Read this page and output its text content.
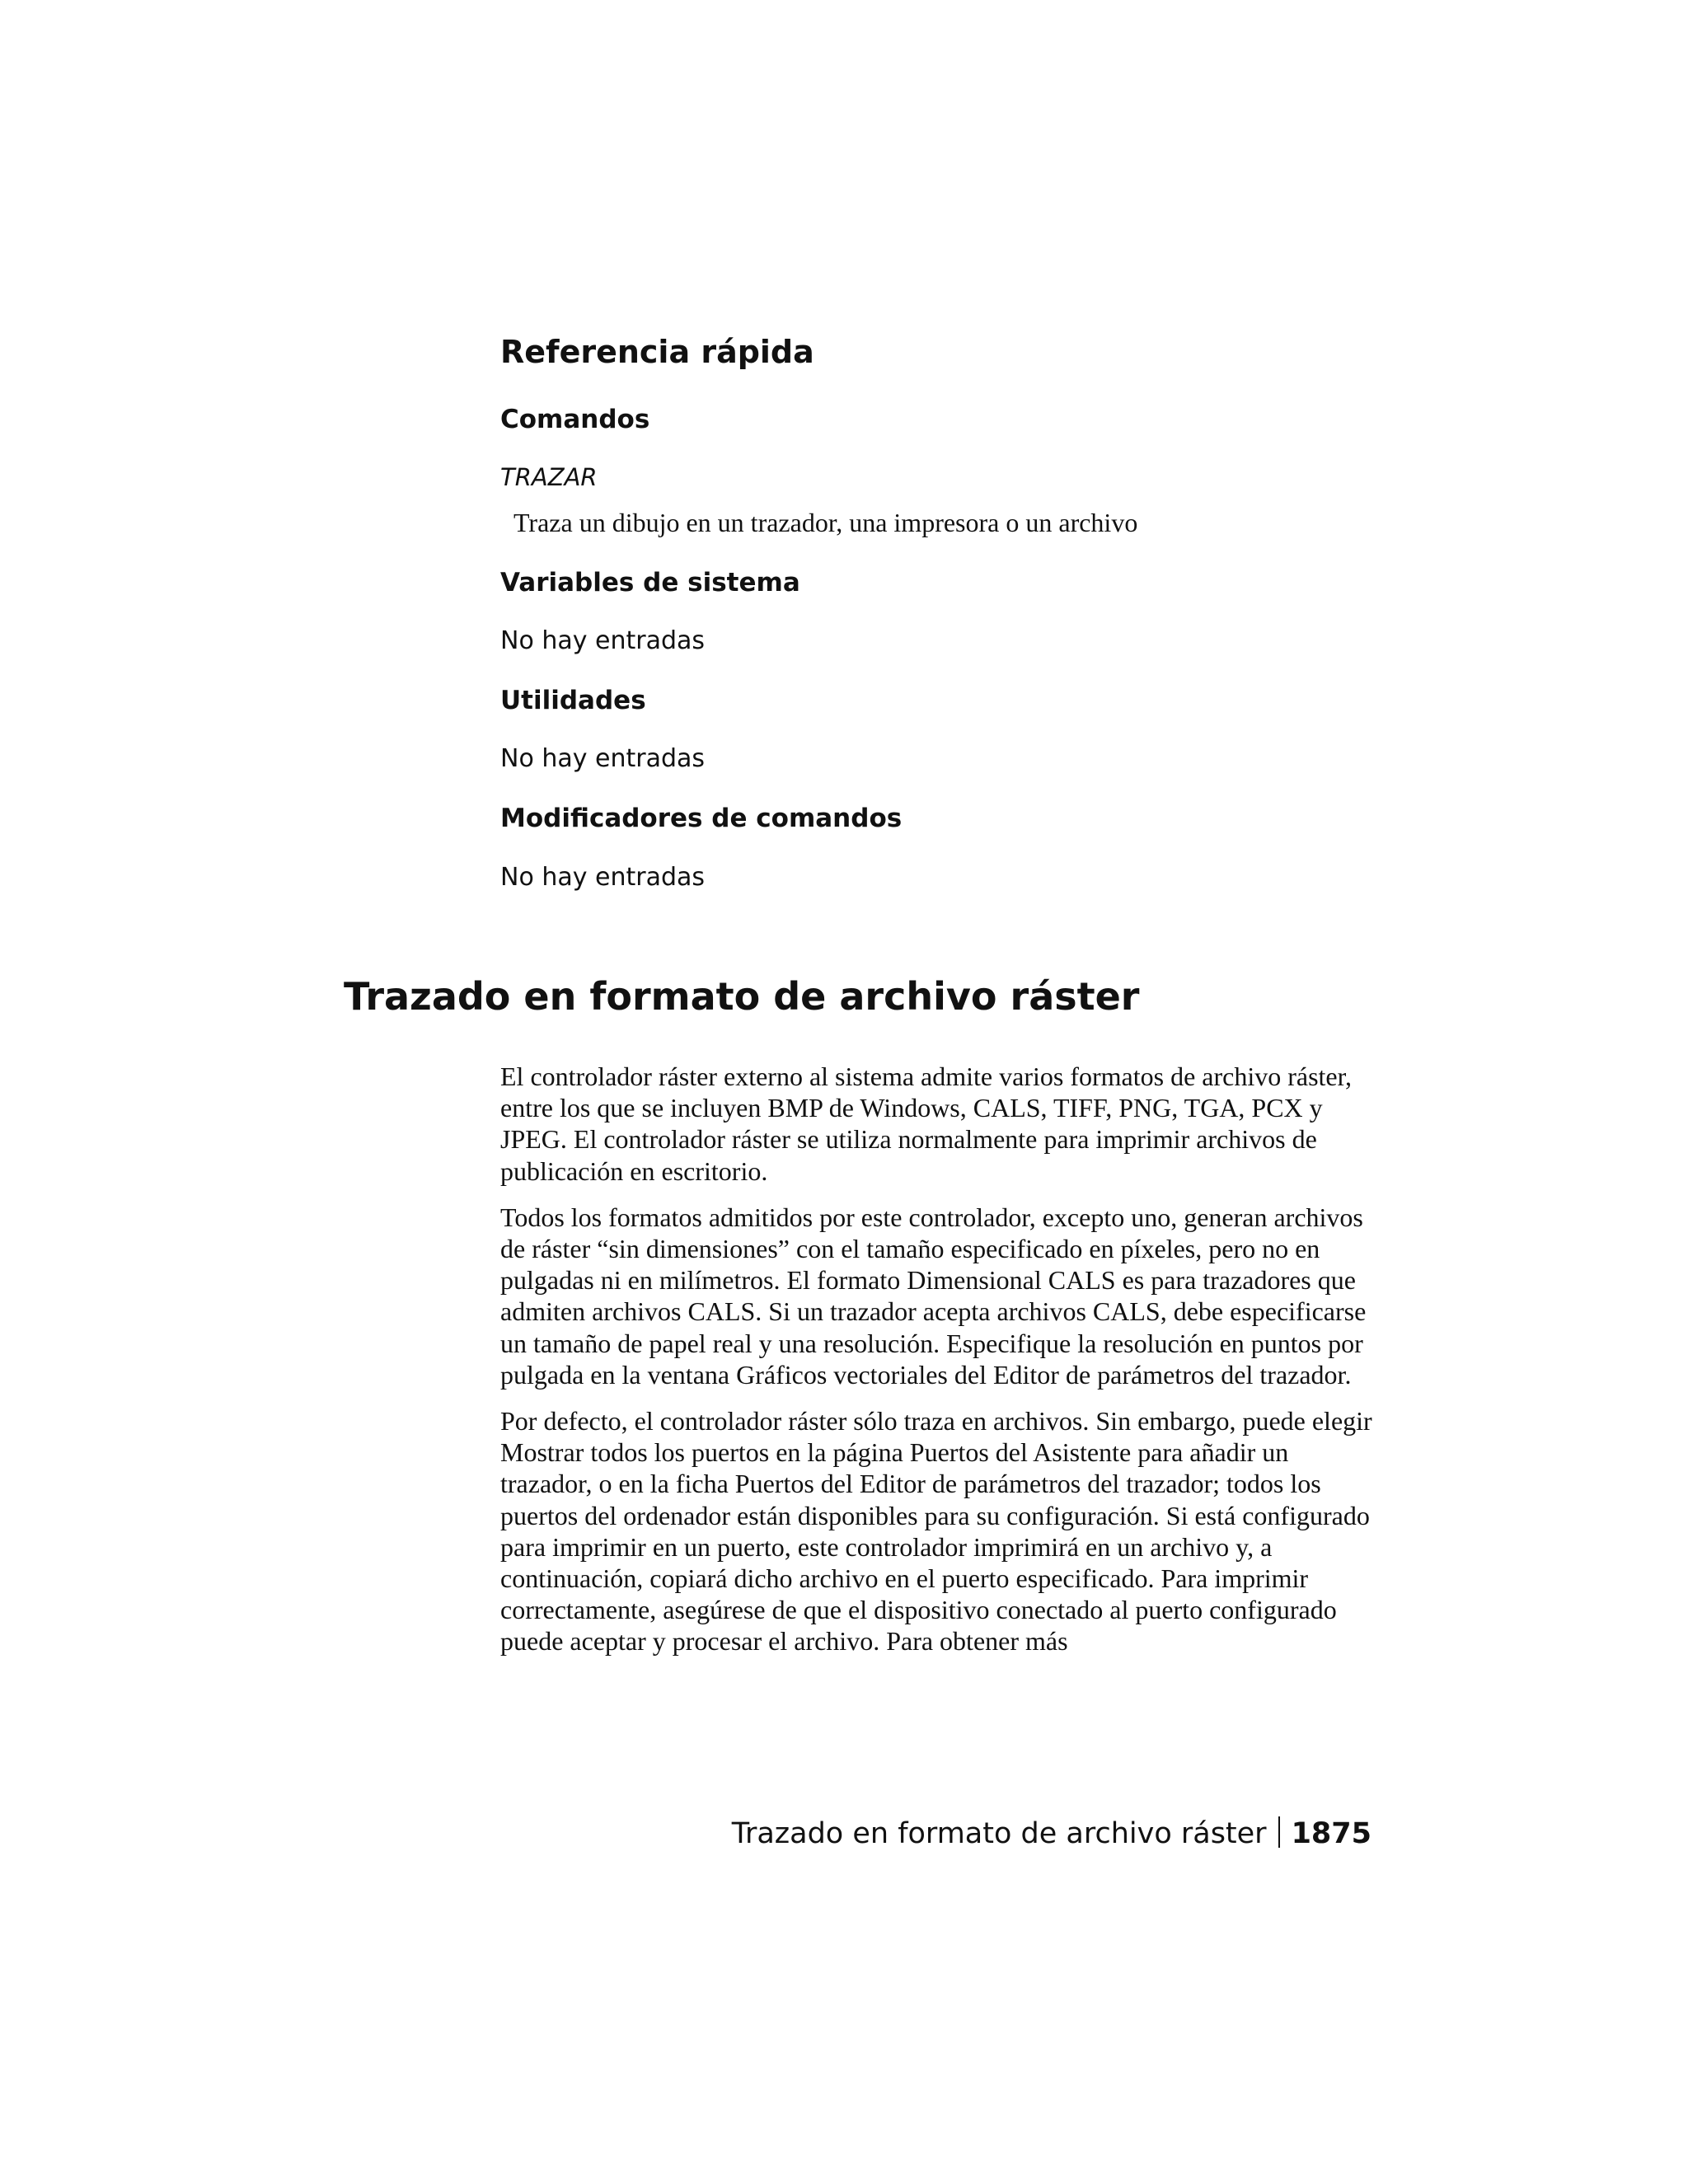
Referencia rápida
Comandos

TRAZAR

Traza un dibujo en un trazador, una impresora o un archivo

Variables de sistema

No hay entradas

Utilidades

No hay entradas

Modificadores de comandos

No hay entradas

Trazado en formato de archivo ráster

El controlador ráster externo al sistema admite varios formatos de archivo ráster, entre los que se incluyen BMP de Windows, CALS, TIFF, PNG, TGA, PCX y JPEG. El controlador ráster se utiliza normalmente para imprimir archivos de publicación en escritorio.

Todos los formatos admitidos por este controlador, excepto uno, generan archivos de ráster “sin dimensiones” con el tamaño especificado en píxeles, pero no en pulgadas ni en milímetros. El formato Dimensional CALS es para trazadores que admiten archivos CALS. Si un trazador acepta archivos CALS, debe especificarse un tamaño de papel real y una resolución. Especifique la resolución en puntos por pulgada en la ventana Gráficos vectoriales del Editor de parámetros del trazador.

Por defecto, el controlador ráster sólo traza en archivos. Sin embargo, puede elegir Mostrar todos los puertos en la página Puertos del Asistente para añadir un trazador, o en la ficha Puertos del Editor de parámetros del trazador; todos los puertos del ordenador están disponibles para su configuración. Si está configurado para imprimir en un puerto, este controlador imprimirá en un archivo y, a continuación, copiará dicho archivo en el puerto especificado. Para imprimir correctamente, asegúrese de que el dispositivo conectado al puerto configurado puede aceptar y procesar el archivo. Para obtener más

Trazado en formato de archivo ráster 1875
